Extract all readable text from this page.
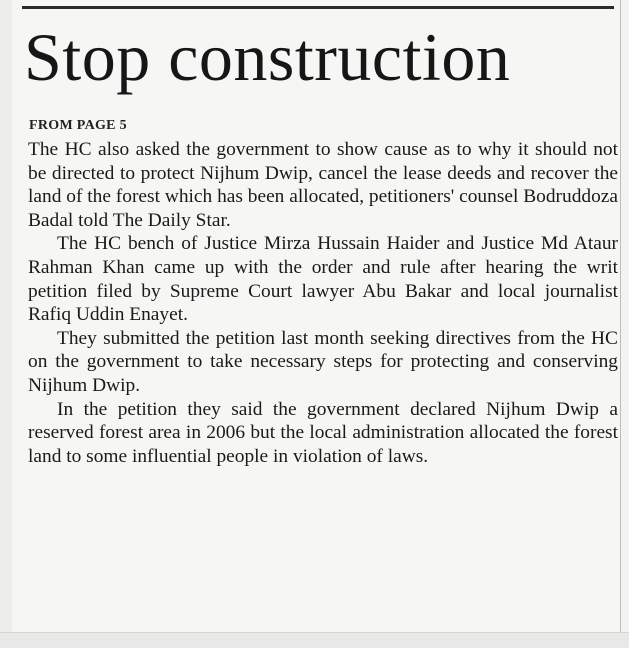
Stop construction
FROM PAGE 5

The HC also asked the government to show cause as to why it should not be directed to protect Nijhum Dwip, cancel the lease deeds and recover the land of the forest which has been allocated, petitioners' counsel Bodruddoza Badal told The Daily Star.

The HC bench of Justice Mirza Hussain Haider and Justice Md Ataur Rahman Khan came up with the order and rule after hearing the writ petition filed by Supreme Court lawyer Abu Bakar and local journalist Rafiq Uddin Enayet.

They submitted the petition last month seeking directives from the HC on the government to take necessary steps for protecting and conserving Nijhum Dwip.

In the petition they said the government declared Nijhum Dwip a reserved forest area in 2006 but the local administration allocated the forest land to some influential people in violation of laws.
